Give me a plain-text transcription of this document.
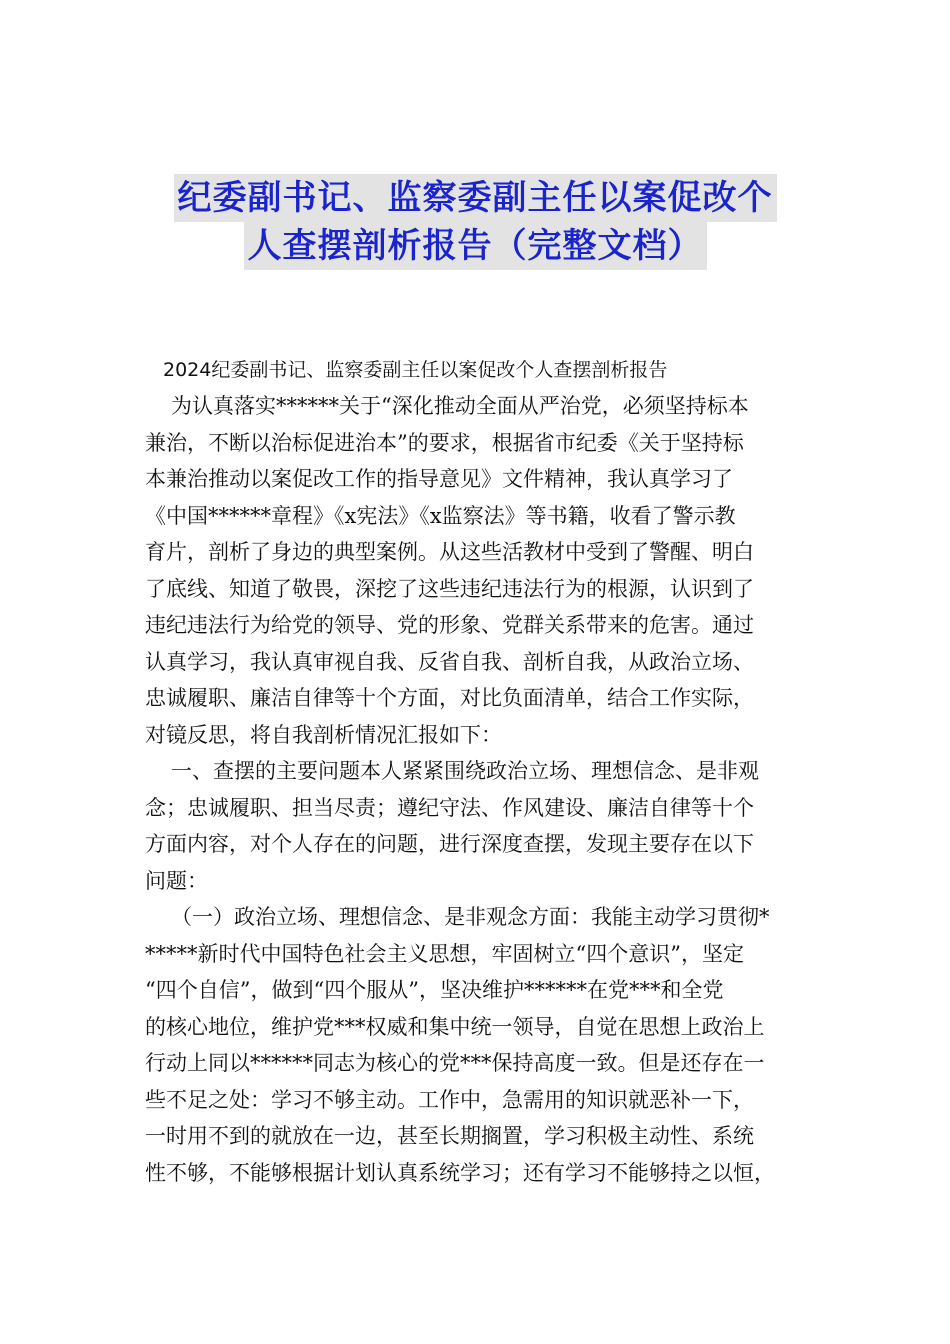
纪委副书记、监察委副主任以案促改个
人查摆剖析报告（完整文档）
2024纪委副书记、监察委副主任以案促改个人查摆剖析报告
为认真落实******关于“深化推动全面从严治党，必须坚持标本
兼治，不断以治标促进治本”的要求，根据省市纪委《关于坚持标
本兼治推动以案促改工作的指导意见》文件精神，我认真学习了
《中国******章程》《x宪法》《x监察法》等书籍，收看了警示教
育片，剖析了身边的典型案例。从这些活教材中受到了警醒、明白
了底线、知道了敬畏，深挖了这些违纪违法行为的根源，认识到了
违纪违法行为给党的领导、党的形象、党群关系带来的危害。通过
认真学习，我认真审视自我、反省自我、剖析自我，从政治立场、
忠诚履职、廉洁自律等十个方面，对比负面清单，结合工作实际，
对镜反思，将自我剖析情况汇报如下：
一、查摆的主要问题本人紧紧围绕政治立场、理想信念、是非观
念；忠诚履职、担当尽责；遵纪守法、作风建设、廉洁自律等十个
方面内容，对个人存在的问题，进行深度查摆，发现主要存在以下
问题：
（一）政治立场、理想信念、是非观念方面：我能主动学习贯彻*
*****新时代中国特色社会主义思想，牢固树立“四个意识”，坚定
“四个自信”，做到“四个服从”，坚决维护******在党***和全党
的核心地位，维护党***权威和集中统一领导，自觉在思想上政治上
行动上同以******同志为核心的党***保持高度一致。但是还存在一
些不足之处：学习不够主动。工作中，急需用的知识就恶补一下，
一时用不到的就放在一边，甚至长期搁置，学习积极主动性、系统
性不够，不能够根据计划认真系统学习；还有学习不能够持之以恒，
